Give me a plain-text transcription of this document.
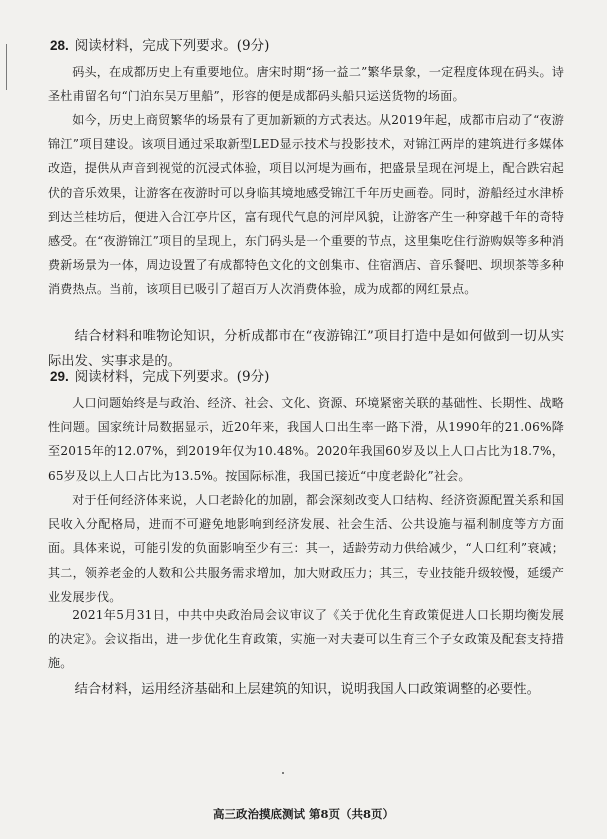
28. 阅读材料，完成下列要求。(9分)

码头，在成都历史上有重要地位。唐宋时期“扬一益二”繁华景象，一定程度体现在码头。诗圣杜甫留名句“门泊东吴万里船”，形容的便是成都码头船只运送货物的场面。

如今，历史上商贸繁华的场景有了更加新颖的方式表达。从2019年起，成都市启动了“夜游锦江”项目建设。该项目通过采取新型LED显示技术与投影技术，对锦江两岸的建筑进行多媒体改造，提供从声音到视觉的沉浸式体验，项目以河堤为画布，把盛景呈现在河堤上，配合跌宕起伏的音乐效果，让游客在夜游时可以身临其境地感受锦江千年历史画卷。同时，游船经过水津桥到达兰桂坊后，便进入合江亭片区，富有现代气息的河岸风貌，让游客产生一种穿越千年的奇特感受。在“夜游锦江”项目的呈现上，东门码头是一个重要的节点，这里集吃住行游购娱等多种消费新场景为一体，周边设置了有成都特色文化的文创集市、住宿酒店、音乐餐吧、坝坝茶等多种消费热点。当前，该项目已吸引了超百万人次消费体验，成为成都的网红景点。

结合材料和唯物论知识，分析成都市在“夜游锦江”项目打造中是如何做到一切从实际出发、实事求是的。

29. 阅读材料，完成下列要求。(9分)

人口问题始终是与政治、经济、社会、文化、资源、环境紧密关联的基础性、长期性、战略性问题。国家统计局数据显示，近20年来，我国人口出生率一路下滑，从1990年的21.06%降至2015年的12.07%，到2019年仅为10.48%。2020年我国60岁及以上人口占比为18.7%，65岁及以上人口占比为13.5%。按国际标准，我国已接近“中度老龄化”社会。

对于任何经济体来说，人口老龄化的加剧，都会深刻改变人口结构、经济资源配置关系和国民收入分配格局，进而不可避免地影响到经济发展、社会生活、公共设施与福利制度等方方面面。具体来说，可能引发的负面影响至少有三：其一，适龄劳动力供给减少，“人口红利”衰减；其二，领养老金的人数和公共服务需求增加，加大财政压力；其三，专业技能升级较慢，延缓产业发展步伐。

2021年5月31日，中共中央政治局会议审议了《关于优化生育政策促进人口长期均衡发展的决定》。会议指出，进一步优化生育政策，实施一对夫妻可以生育三个子女政策及配套支持措施。

结合材料，运用经济基础和上层建筑的知识，说明我国人口政策调整的必要性。

高三政治摸底测试 第8页（共8页）
